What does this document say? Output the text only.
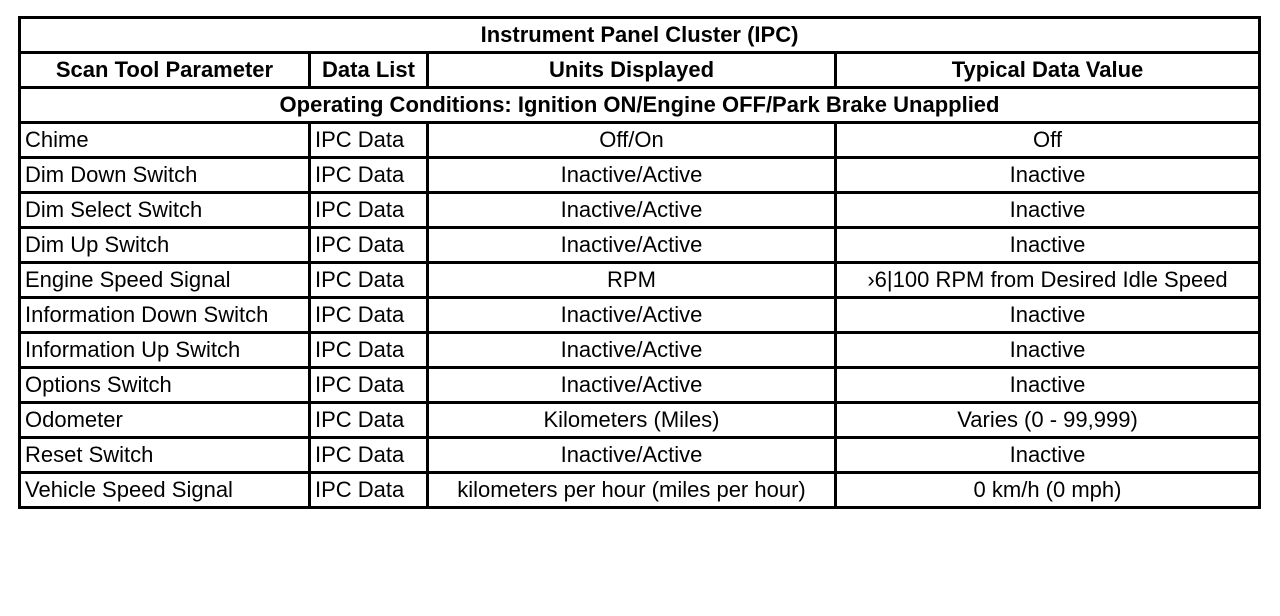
Instrument Panel Cluster (IPC)			
Scan Tool Parameter	Data List	Units Displayed	Typical Data Value
Operating Conditions: Ignition ON/Engine OFF/Park Brake Unapplied			
Chime	IPC Data	Off/On	Off
Dim Down Switch	IPC Data	Inactive/Active	Inactive
Dim Select Switch	IPC Data	Inactive/Active	Inactive
Dim Up Switch	IPC Data	Inactive/Active	Inactive
Engine Speed Signal	IPC Data	RPM	›6|100 RPM from Desired Idle Speed
Information Down Switch	IPC Data	Inactive/Active	Inactive
Information Up Switch	IPC Data	Inactive/Active	Inactive
Options Switch	IPC Data	Inactive/Active	Inactive
Odometer	IPC Data	Kilometers (Miles)	Varies (0 - 99,999)
Reset Switch	IPC Data	Inactive/Active	Inactive
Vehicle Speed Signal	IPC Data	kilometers per hour (miles per hour)	0 km/h (0 mph)
